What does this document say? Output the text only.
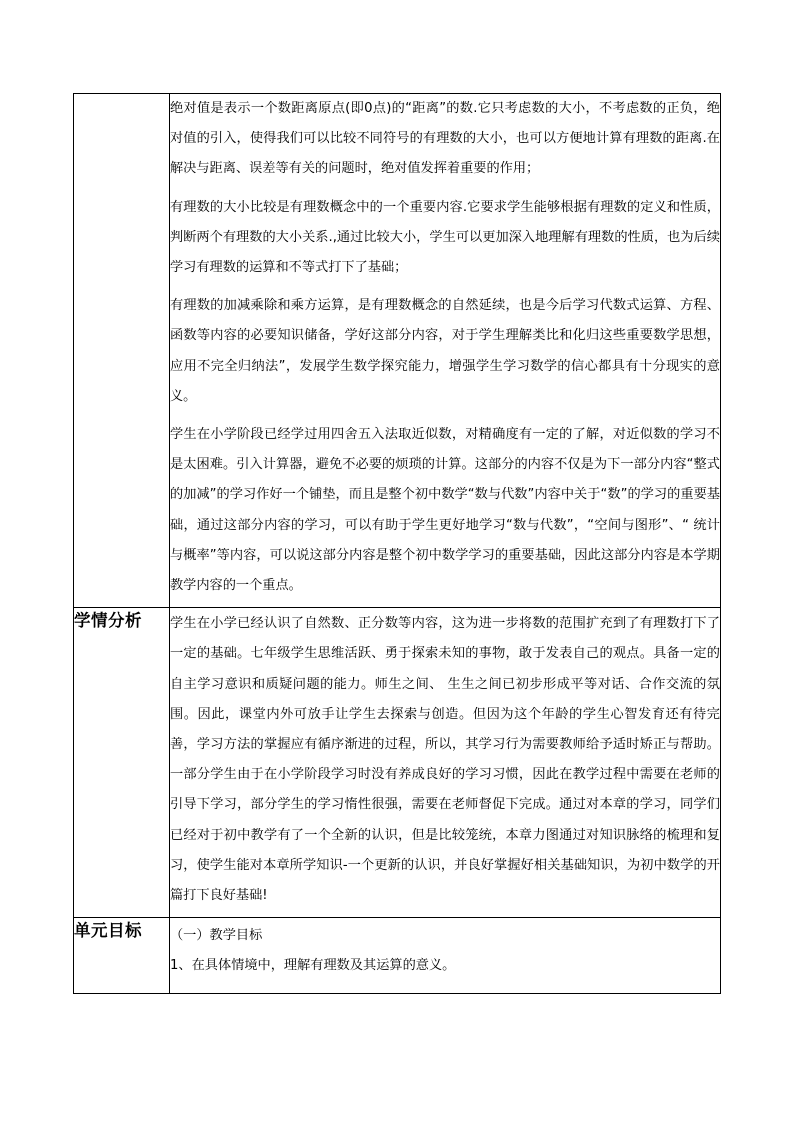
	绝对值是表示一个数距离原点(即0点)的“距离”的数.它只考虑数的大小，不考虑数的正负，绝对值的引入，使得我们可以比较不同符号的有理数的大小，也可以方便地计算有理数的距离.在解决与距离、误差等有关的问题时，绝对值发挥着重要的作用；

有理数的大小比较是有理数概念中的一个重要内容.它要求学生能够根据有理数的定义和性质，判断两个有理数的大小关系.,通过比较大小，学生可以更加深入地理解有理数的性质，也为后续学习有理数的运算和不等式打下了基础；

有理数的加减乘除和乘方运算，是有理数概念的自然延续，也是今后学习代数式运算、方程、函数等内容的必要知识储备，学好这部分内容，对于学生理解类比和化归这些重要数学思想，应用不完全归纳法”，发展学生数学探究能力，增强学生学习数学的信心都具有十分现实的意义。

学生在小学阶段已经学过用四舍五入法取近似数，对精确度有一定的了解，对近似数的学习不是太困难。引入计算器，避免不必要的烦琐的计算。这部分的内容不仅是为下一部分内容“整式的加减”的学习作好一个铺垫，而且是整个初中数学“数与代数”内容中关于“数”的学习的重要基础，通过这部分内容的学习，可以有助于学生更好地学习“数与代数”，“空间与图形”、“ 统计与概率”等内容，可以说这部分内容是整个初中数学学习的重要基础，因此这部分内容是本学期教学内容的一个重点。

学情分析	学生在小学已经认识了自然数、正分数等内容，这为进一步将数的范围扩充到了有理数打下了一定的基础。七年级学生思维活跃、勇于探索未知的事物，敢于发表自己的观点。具备一定的自主学习意识和质疑问题的能力。师生之间、 生生之间已初步形成平等对话、合作交流的氛围。因此，课堂内外可放手让学生去探索与创造。但因为这个年龄的学生心智发育还有待完善，学习方法的掌握应有循序渐进的过程，所以，其学习行为需要教师给予适时矫正与帮助。一部分学生由于在小学阶段学习时没有养成良好的学习习惯，因此在教学过程中需要在老师的引导下学习，部分学生的学习惰性很强，需要在老师督促下完成。通过对本章的学习，同学们已经对于初中教学有了一个全新的认识，但是比较笼统，本章力图通过对知识脉络的梳理和复习，使学生能对本章所学知识-一个更新的认识，并良好掌握好相关基础知识，为初中数学的开篇打下良好基础!

单元目标	（一）教学目标

1、在具体情境中，理解有理数及其运算的意义。
